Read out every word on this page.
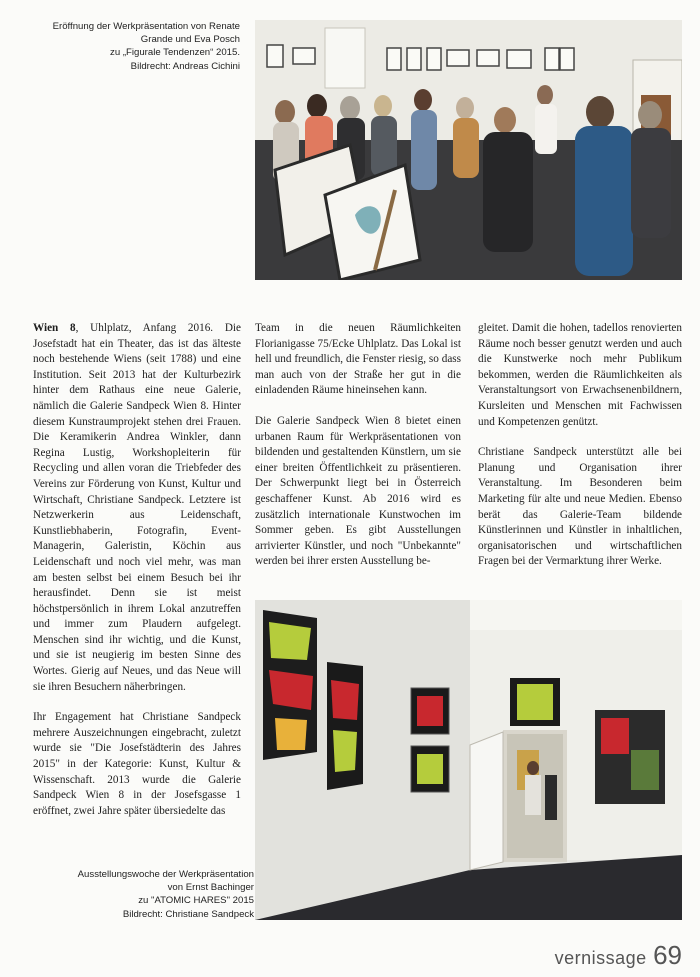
Eröffnung der Werkpräsentation von Renate
Grande und Eva Posch
zu „Figurale Tendenzen“ 2015.
Bildrecht: Andreas Cichini

Wien 8, Uhlplatz, Anfang 2016. Die Josefstadt hat ein Theater, das ist das älteste noch bestehende Wiens (seit 1788) und eine Institution. Seit 2013 hat der Kulturbezirk hinter dem Rathaus eine neue Galerie, nämlich die Galerie Sandpeck Wien 8. Hinter diesem Kunstraumprojekt stehen drei Frauen. Die Keramikerin Andrea Winkler, dann Regina Lustig, Workshopleiterin für Recycling und allen voran die Triebfeder des Vereins zur Förderung von Kunst, Kultur und Wirtschaft, Christiane Sandpeck. Letztere ist Netzwerkerin aus Leidenschaft, Kunstliebhaberin, Fotografin, Event-Managerin, Galeristin, Köchin aus Leidenschaft und noch viel mehr, was man am besten selbst bei einem Besuch bei ihr herausfindet. Denn sie ist meist höchstpersönlich in ihrem Lokal anzutreffen und immer zum Plaudern aufgelegt. Menschen sind ihr wichtig, und die Kunst, und sie ist neugierig im besten Sinne des Wortes. Gierig auf Neues, und das Neue will sie ihren Besuchern näherbringen.

Ihr Engagement hat Christiane Sandpeck mehrere Auszeichnungen eingebracht, zuletzt wurde sie "Die Josefstädterin des Jahres 2015" in der Kategorie: Kunst, Kultur & Wissenschaft. 2013 wurde die Galerie Sandpeck Wien 8 in der Josefsgasse 1 eröffnet, zwei Jahre später übersiedelte das

Team in die neuen Räumlichkeiten Florianigasse 75/Ecke Uhlplatz. Das Lokal ist hell und freundlich, die Fenster riesig, so dass man auch von der Straße her gut in die einladenden Räume hineinsehen kann.

Die Galerie Sandpeck Wien 8 bietet einen urbanen Raum für Werkpräsentationen von bildenden und gestaltenden Künstlern, um sie einer breiten Öffentlichkeit zu präsentieren. Der Schwerpunkt liegt bei in Österreich geschaffener Kunst. Ab 2016 wird es zusätzlich internationale Kunstwochen im Sommer geben. Es gibt Ausstellungen arrivierter Künstler, und noch "Unbekannte" werden bei ihrer ersten Ausstellung be-

gleitet. Damit die hohen, tadellos renovierten Räume noch besser genutzt werden und auch die Kunstwerke noch mehr Publikum bekommen, werden die Räumlichkeiten als Veranstaltungsort von Erwachsenenbildnern, Kursleiten und Menschen mit Fachwissen und Kompetenzen genützt.

Christiane Sandpeck unterstützt alle bei Planung und Organisation ihrer Veranstaltung. Im Besonderen beim Marketing für alte und neue Medien. Ebenso berät das Galerie-Team bildende Künstlerinnen und Künstler in inhaltlichen, organisatorischen und wirtschaftlichen Fragen bei der Vermarktung ihrer Werke.

Ausstellungswoche der Werkpräsentation
von Ernst Bachinger
zu "ATOMIC HARES" 2015
Bildrecht: Christiane Sandpeck
vernissage 69
